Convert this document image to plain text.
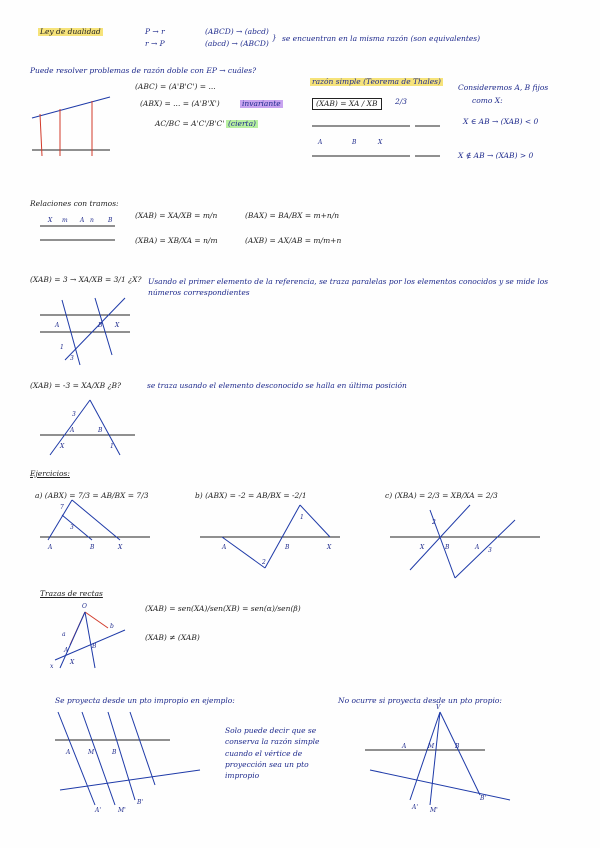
Ley de dualidad	P → r
r → P
(ABCD) → (abcd)
(abcd) → (ABCD)
} se encuentran en la misma razón (son equivalentes)
Puede resolver problemas de razón doble con EP → cuáles?
(ABC) = (A'B'C') = ...
(ABX) = ... = (A'B'X')	invariante
AC/BC = A'C'/B'C' (cierta)
razón simple (Teorema de Thales)
(XAB) = XA / XB	2/3
Consideremos A, B fijos
como X:
X ∈ AB → (XAB) < 0
X ∉ AB → (XAB) > 0
Relaciones con tramos:
(XAB) = XA/XB = m/n	(BAX) = BA/BX = m+n/n
(XBA) = XB/XA = n/m	(AXB) = AX/AB = m/m+n
(XAB) = 3 → XA/XB = 3/1 ¿X? Usando el primer elemento de la referencia, se traza paralelas por los elementos conocidos y se mide los números correspondientes
(XAB) = -3 = XA/XB ¿B?	se traza usando el elemento desconocido se halla en última posición
Ejercicios:
a) (ABX) = 7/3 = AB/BX = 7/3	b) (ABX) = -2 = AB/BX = -2/1	c) (XBA) = 2/3 = XB/XA = 2/3
Trazas de rectas
(XAB) = sen(XA)/sen(XB) = sen(α)/sen(β)
(XAB) ≠ (XAB)
Se proyecta desde un pto impropio en ejemplo:	No ocurre si proyecta desde un pto propio:
Solo puede decir que se conserva la razón simple cuando el vértice de proyección sea un pto impropio
A	B	X
X m A n B
A	B X
1
3
A
X
B
3
1
A	B	X
7
3
A	B	X
2
1
X	B	A
2
3
O
a
b
x
A
B
X
A	M	B
A'	M'
B'
V
A	M	B
A' M'
B'
